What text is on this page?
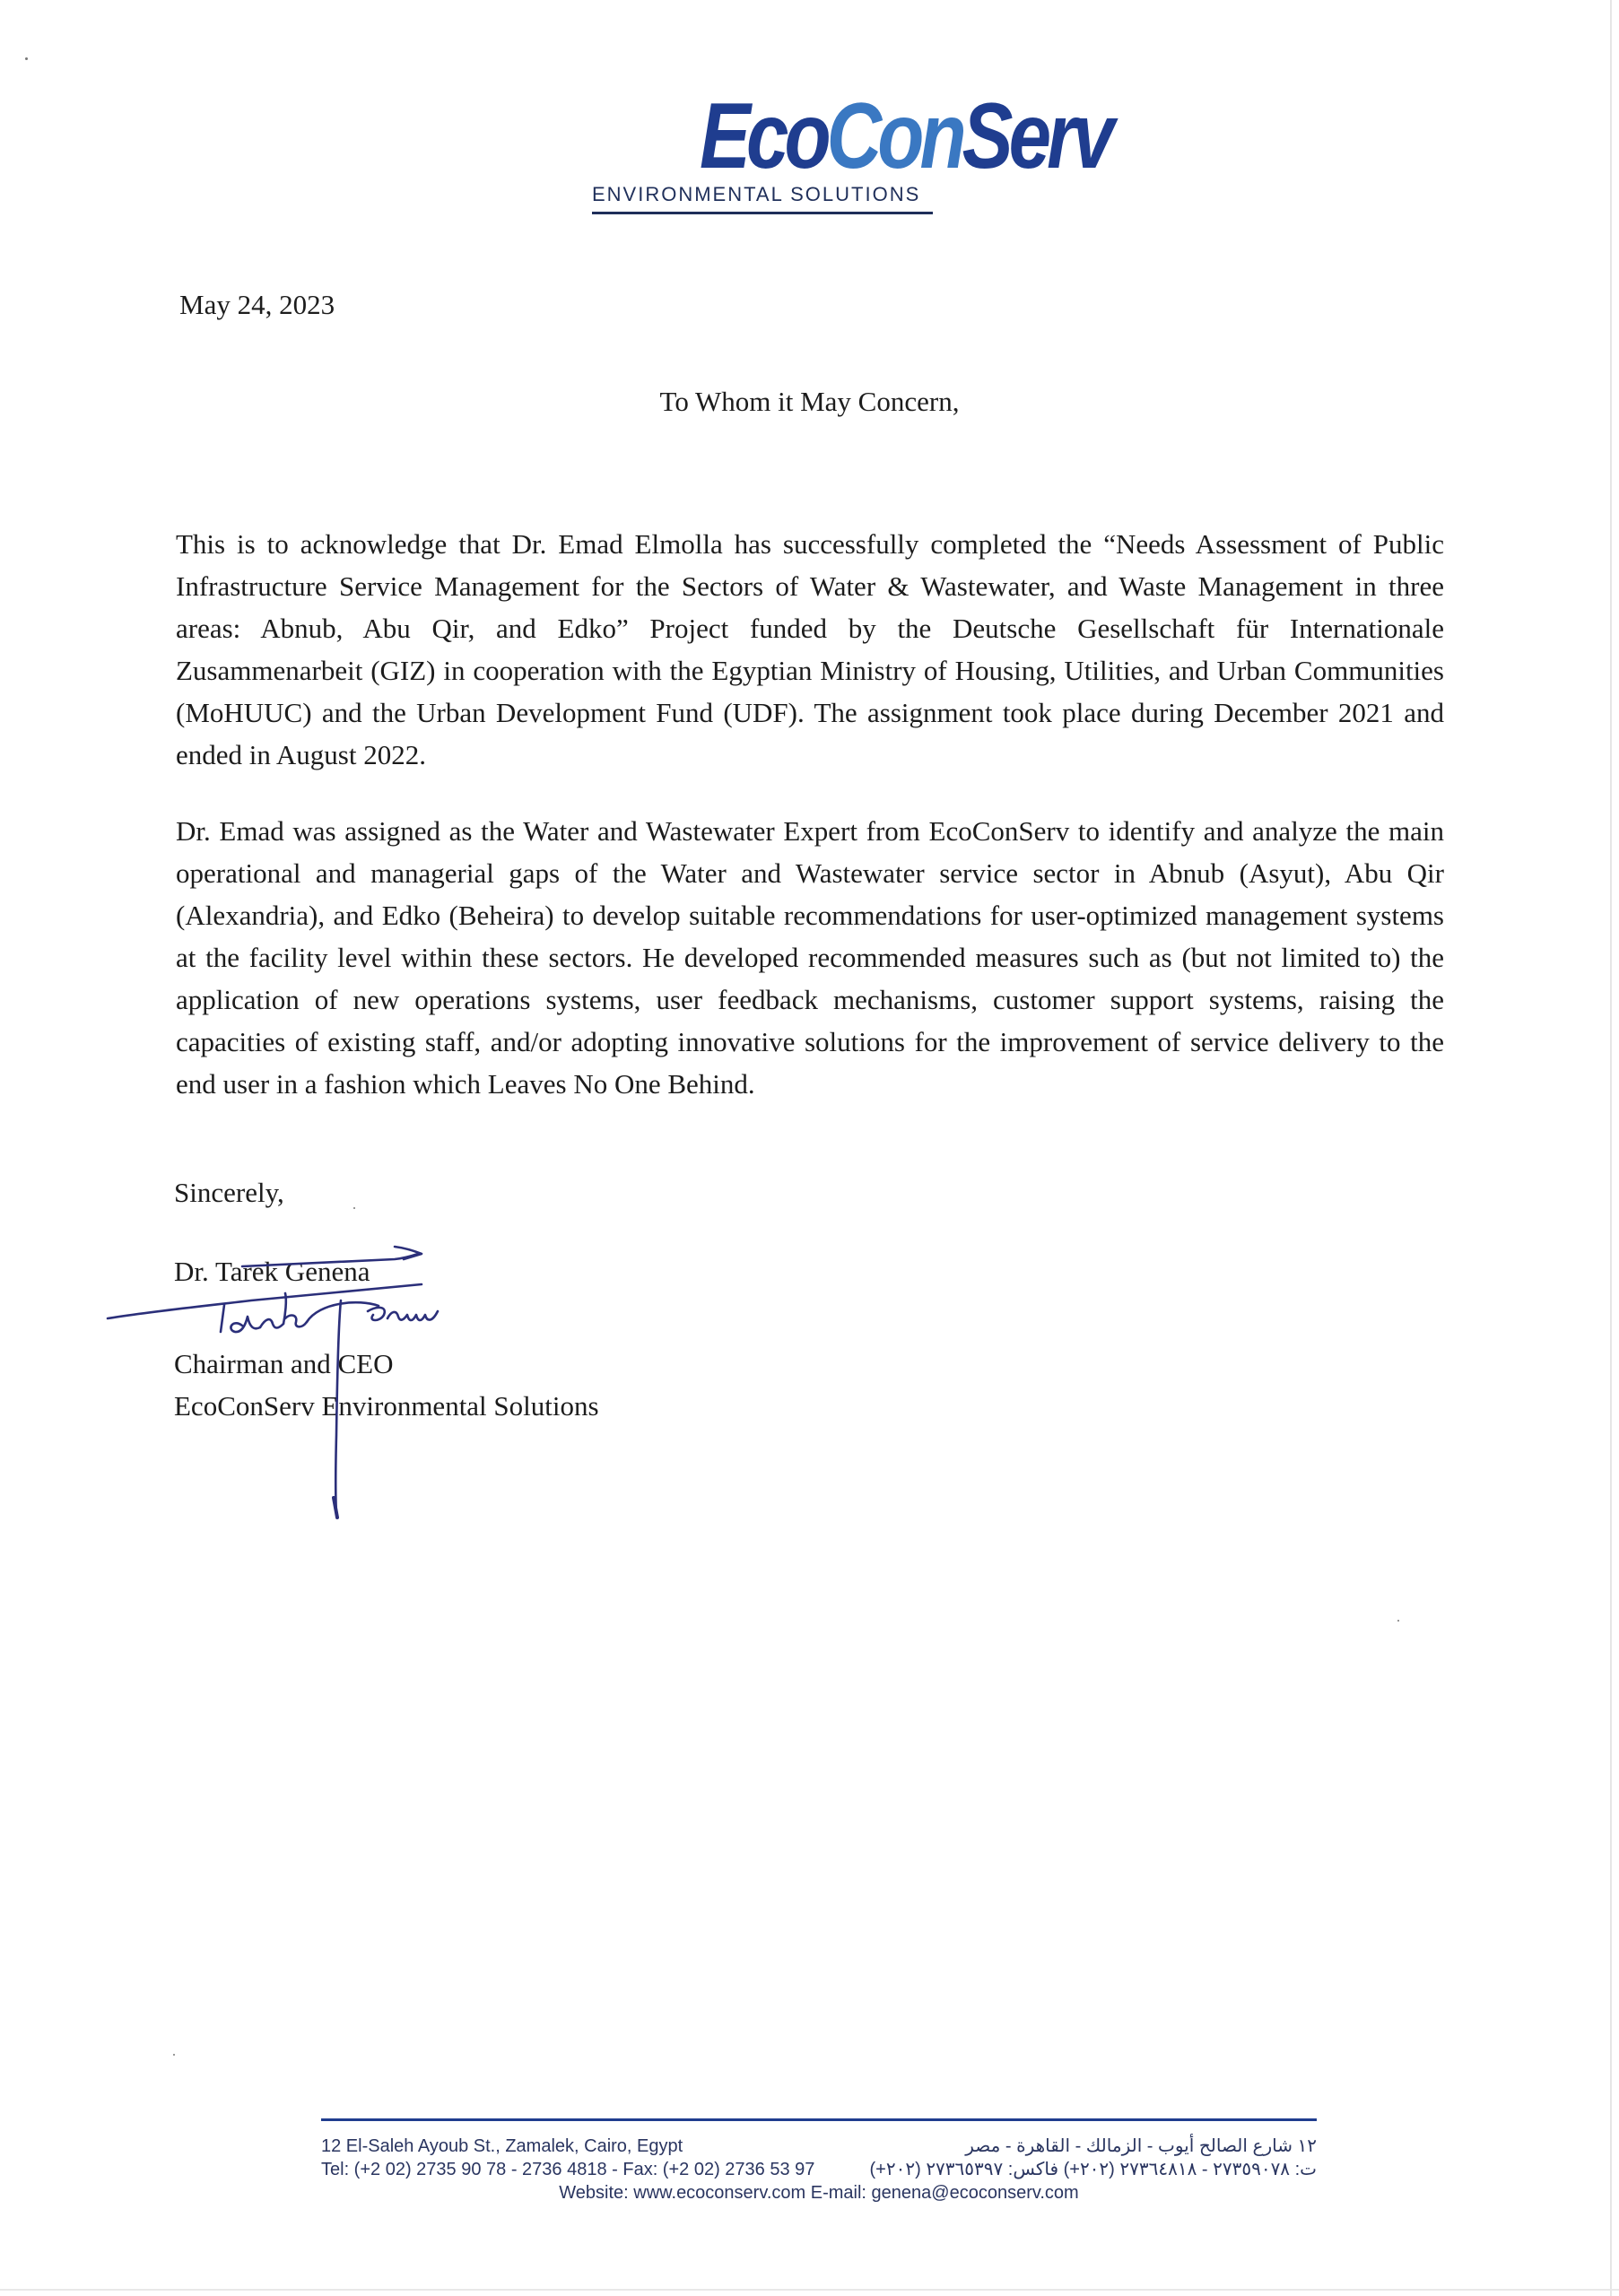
EcoConServ
ENVIRONMENTAL SOLUTIONS
May 24, 2023
To Whom it May Concern,

This is to acknowledge that Dr. Emad Elmolla has successfully completed the “Needs Assessment of Public Infrastructure Service Management for the Sectors of Water & Wastewater, and Waste Management in three areas: Abnub, Abu Qir, and Edko” Project funded by the Deutsche Gesellschaft für Internationale Zusammenarbeit (GIZ) in cooperation with the Egyptian Ministry of Housing, Utilities, and Urban Communities (MoHUUC) and the Urban Development Fund (UDF). The assignment took place during December 2021 and ended in August 2022.

Dr. Emad was assigned as the Water and Wastewater Expert from EcoConServ to identify and analyze the main operational and managerial gaps of the Water and Wastewater service sector in Abnub (Asyut), Abu Qir (Alexandria), and Edko (Beheira) to develop suitable recommendations for user-optimized management systems at the facility level within these sectors. He developed recommended measures such as (but not limited to) the application of new operations systems, user feedback mechanisms, customer support systems, raising the capacities of existing staff, and/or adopting innovative solutions for the improvement of service delivery to the end user in a fashion which Leaves No One Behind.

Sincerely,
Dr. Tarek Genena
Chairman and CEO
EcoConServ Environmental Solutions
12 El-Saleh Ayoub St., Zamalek, Cairo, Egypt	١٢ شارع الصالح أيوب - الزمالك - القاهرة - مصر
Tel: (+2 02) 2735 90 78 - 2736 4818 - Fax: (+2 02) 2736 53 97	ت: ٢٧٣٥٩٠٧٨ - ٢٧٣٦٤٨١٨ (٢٠٢+) فاكس: ٢٧٣٦٥٣٩٧ (٢٠٢+)
Website: www.ecoconserv.com E-mail: genena@ecoconserv.com
